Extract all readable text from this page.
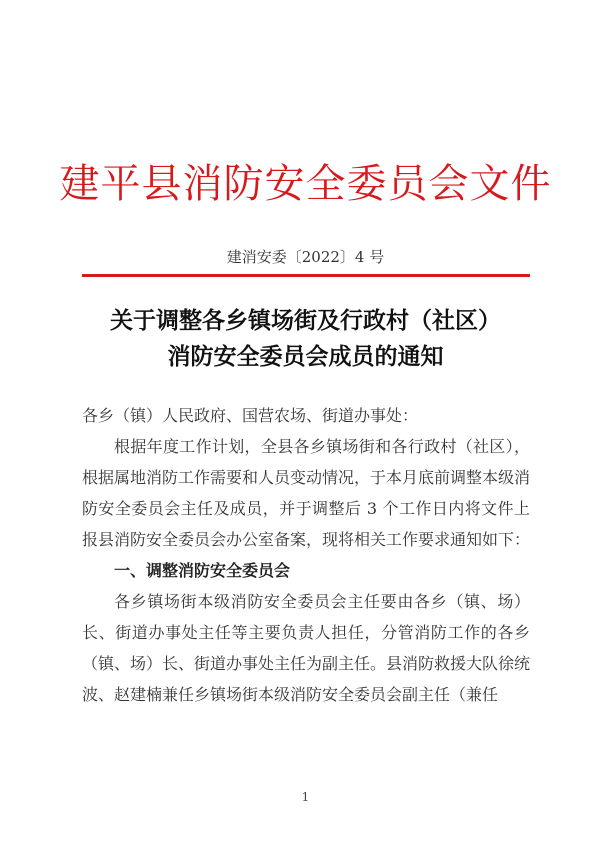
建平县消防安全委员会文件
建消安委〔2022〕4 号
关于调整各乡镇场街及行政村（社区）
消防安全委员会成员的通知

各乡（镇）人民政府、国营农场、街道办事处：

根据年度工作计划，全县各乡镇场街和各行政村（社区），根据属地消防工作需要和人员变动情况，于本月底前调整本级消防安全委员会主任及成员，并于调整后 3 个工作日内将文件上报县消防安全委员会办公室备案，现将相关工作要求通知如下：

一、调整消防安全委员会

各乡镇场街本级消防安全委员会主任要由各乡（镇、场）长、街道办事处主任等主要负责人担任，分管消防工作的各乡（镇、场）长、街道办事处主任为副主任。县消防救援大队徐统波、赵建楠兼任乡镇场街本级消防安全委员会副主任（兼任

1
